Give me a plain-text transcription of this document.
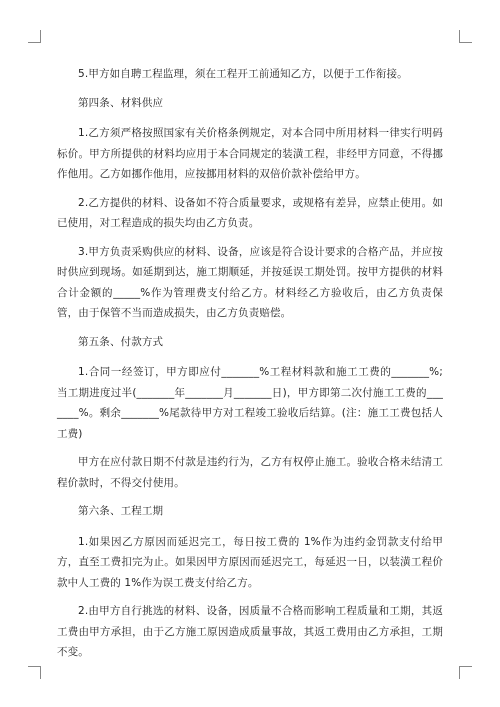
5.甲方如自聘工程监理，须在工程开工前通知乙方，以便于工作衔接。

第四条、材料供应

1.乙方须严格按照国家有关价格条例规定，对本合同中所用材料一律实行明码标价。甲方所提供的材料均应用于本合同规定的装潢工程，非经甲方同意，不得挪作他用。乙方如挪作他用，应按挪用材料的双倍价款补偿给甲方。

2.乙方提供的材料、设备如不符合质量要求，或规格有差异，应禁止使用。如已使用，对工程造成的损失均由乙方负责。

3.甲方负责采购供应的材料、设备，应该是符合设计要求的合格产品，并应按时供应到现场。如延期到达，施工期顺延，并按延误工期处罚。按甲方提供的材料合计金额的_____%作为管理费支付给乙方。材料经乙方验收后，由乙方负责保管，由于保管不当而造成损失，由乙方负责赔偿。

第五条、付款方式

1.合同一经签订，甲方即应付_______%工程材料款和施工工费的_______%;当工期进度过半(_______年_______月_______日)，甲方即第二次付施工工费的_______%。剩余_______%尾款待甲方对工程竣工验收后结算。(注：施工工费包括人工费)

甲方在应付款日期不付款是违约行为，乙方有权停止施工。验收合格未结清工程价款时，不得交付使用。

第六条、工程工期

1.如果因乙方原因而延迟完工，每日按工费的 1%作为违约金罚款支付给甲方，直至工费扣完为止。如果因甲方原因而延迟完工，每延迟一日，以装潢工程价款中人工费的 1%作为误工费支付给乙方。

2.由甲方自行挑选的材料、设备，因质量不合格而影响工程质量和工期，其返工费由甲方承担，由于乙方施工原因造成质量事故，其返工费用由乙方承担，工期不变。
